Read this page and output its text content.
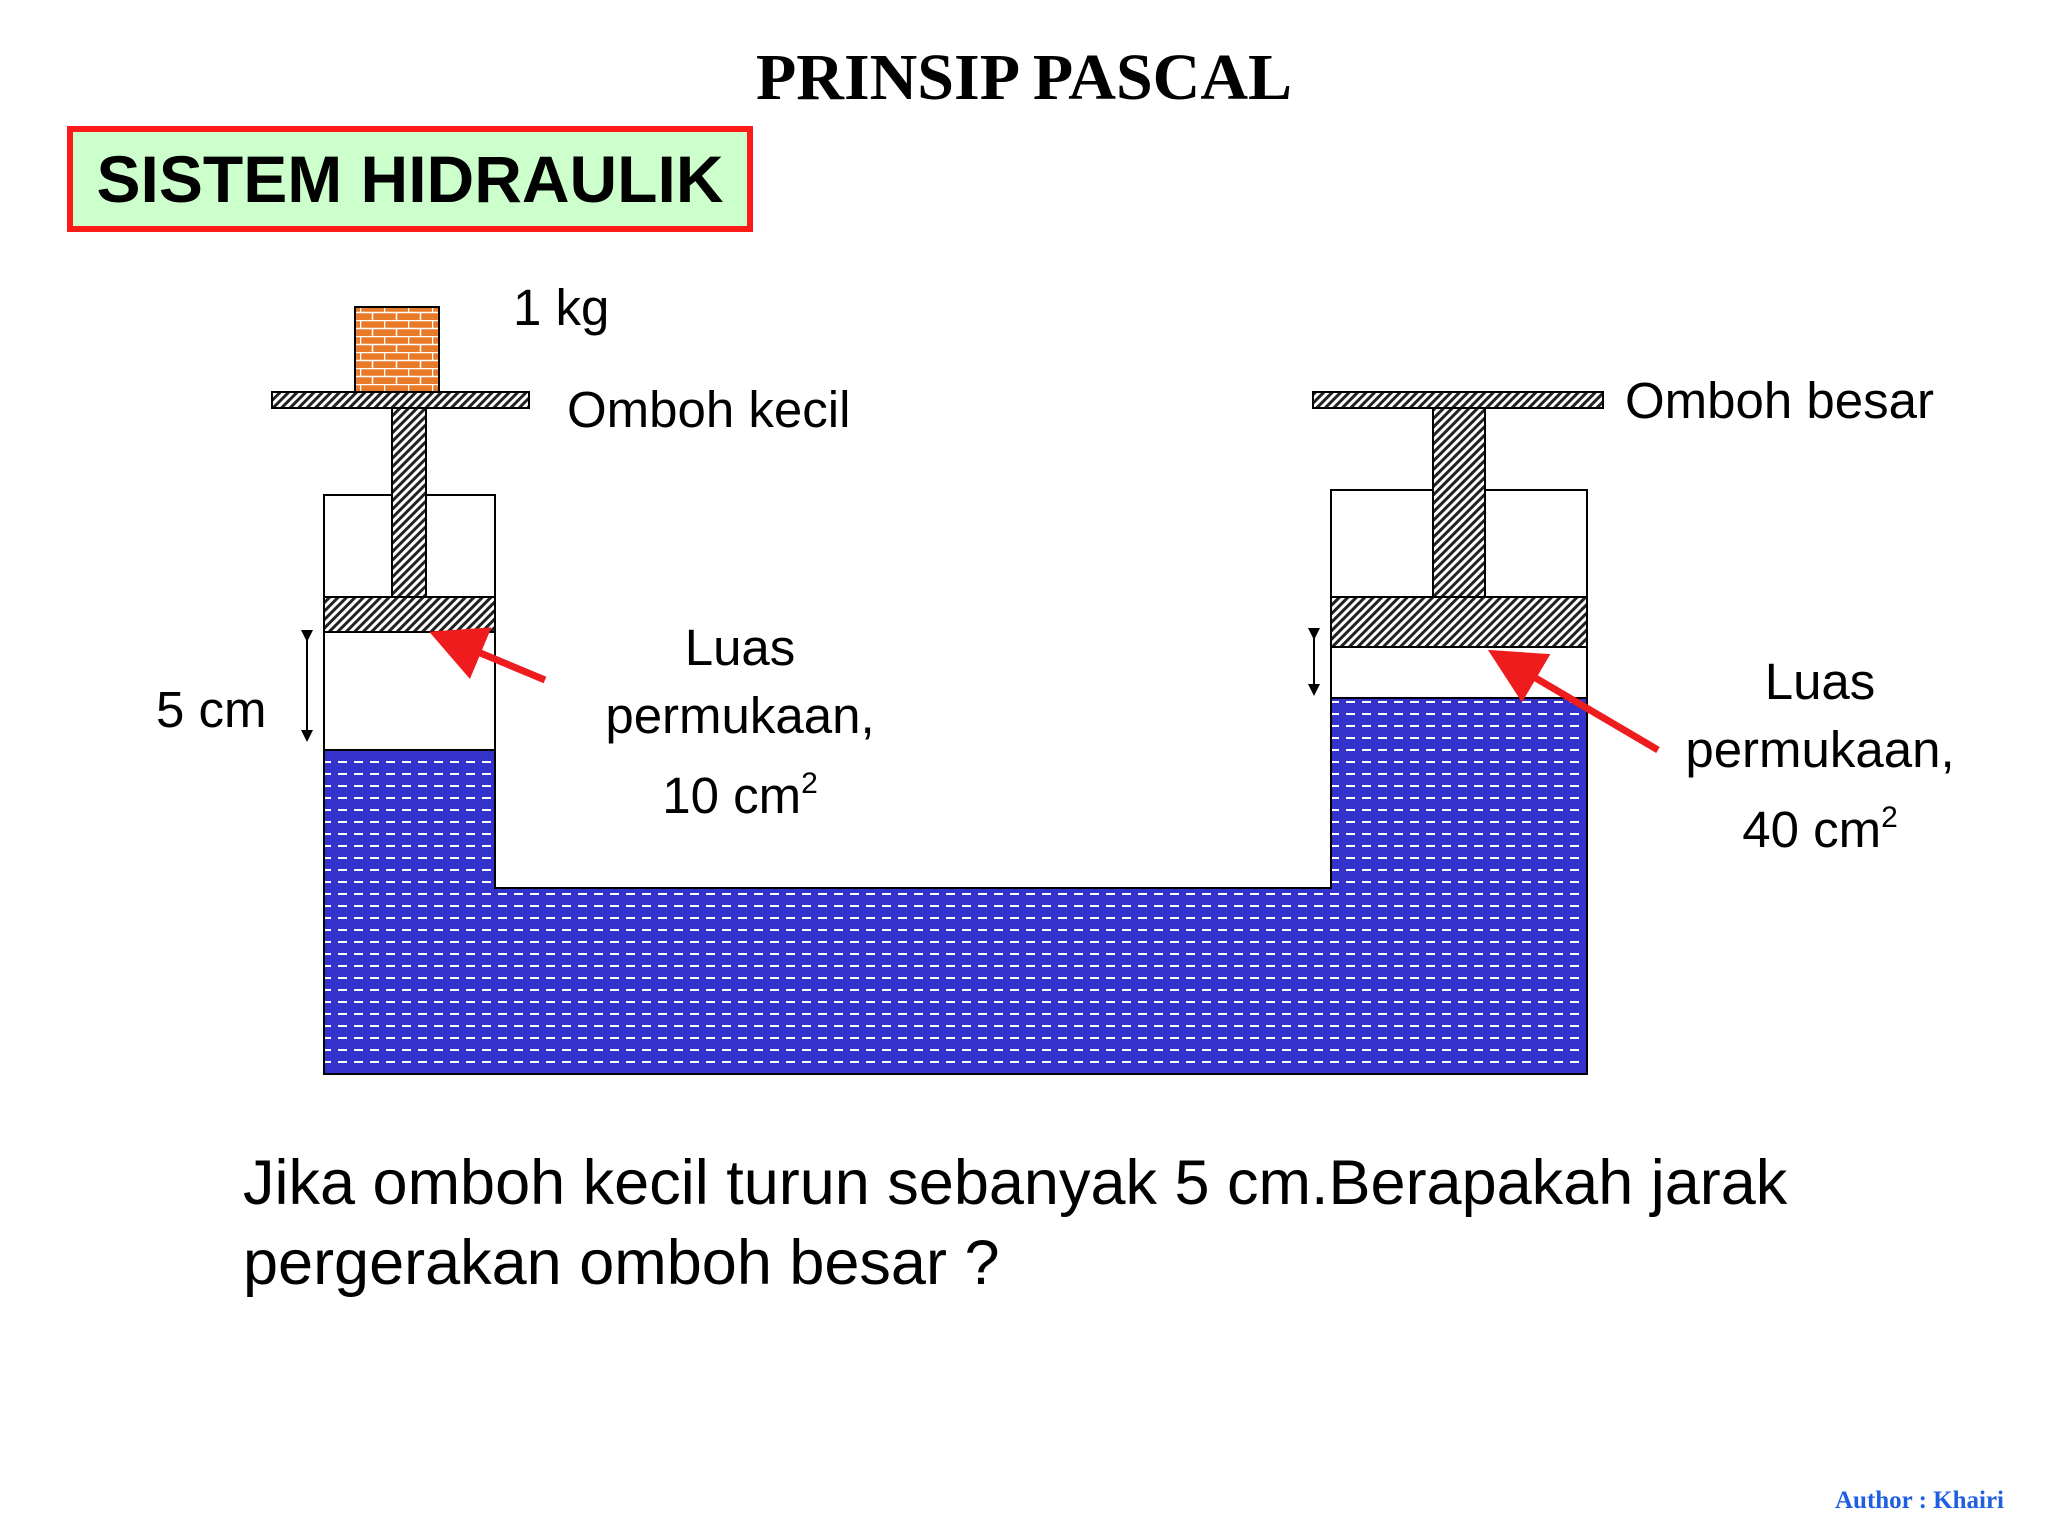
PRINSIP PASCAL
SISTEM HIDRAULIK
1 kg
Omboh kecil	Omboh besar
5 cm
Luas
permukaan,
10 $cm^2$
Luas
permukaan,
40 $cm^2$
Jika omboh kecil turun sebanyak 5 cm.Berapakah jarak pergerakan omboh besar ?
Author : Khairi
